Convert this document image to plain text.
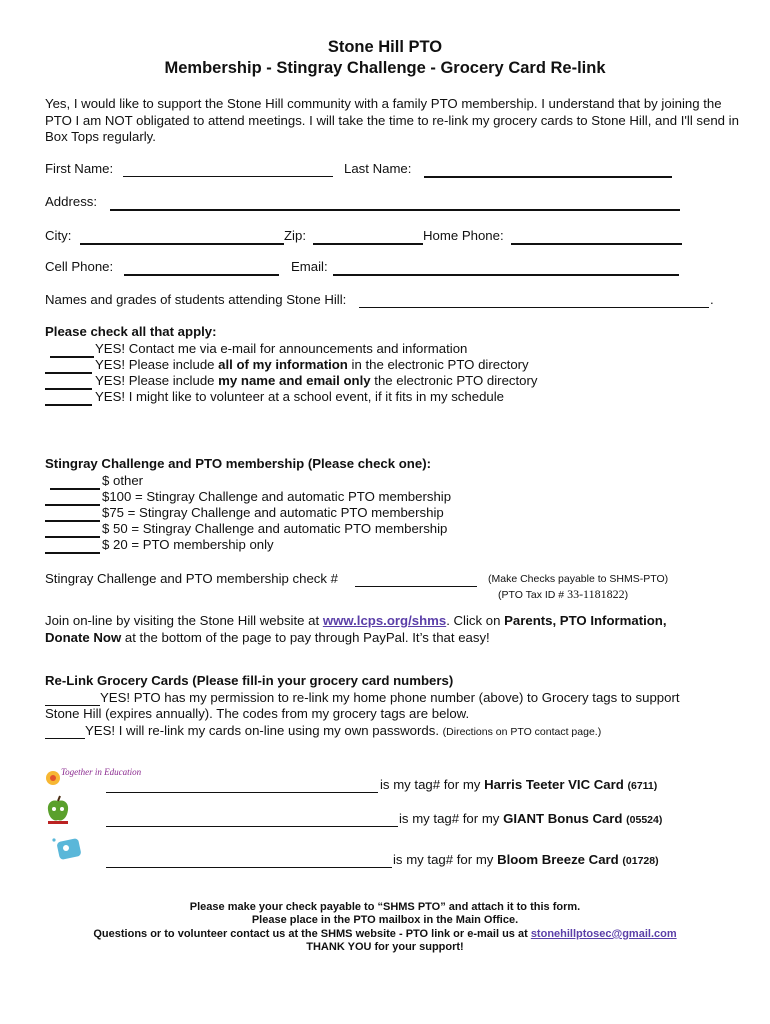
Stone Hill PTO
Membership - Stingray Challenge - Grocery Card Re-link
Yes, I would like to support the Stone Hill community with a family PTO membership. I understand that by joining the PTO I am NOT obligated to attend meetings. I will take the time to re-link my grocery cards to Stone Hill, and I'll send in Box Tops regularly.
First Name:	Last Name:
Address:
City:	Zip:	Home Phone:
Cell Phone:	Email:
Names and grades of students attending Stone Hill:	.
Please check all that apply:
YES! Contact me via e-mail for announcements and information
YES! Please include all of my information in the electronic PTO directory
YES! Please include my name and email only the electronic PTO directory
YES! I might like to volunteer at a school event, if it fits in my schedule
Stingray Challenge and PTO membership (Please check one):
$ other
$100 = Stingray Challenge and automatic PTO membership
$75 = Stingray Challenge and automatic PTO membership
$ 50 = Stingray Challenge and automatic PTO membership
$ 20 = PTO membership only
Stingray Challenge and PTO membership check #	(Make Checks payable to SHMS-PTO)
(PTO Tax ID # 33-1181822)
Join on-line by visiting the Stone Hill website at www.lcps.org/shms. Click on Parents, PTO Information,
Donate Now at the bottom of the page to pay through PayPal. It’s that easy!
Re-Link Grocery Cards (Please fill-in your grocery card numbers)
YES! PTO has my permission to re-link my home phone number (above) to Grocery tags to support
Stone Hill (expires annually). The codes from my grocery tags are below.
YES! I will re-link my cards on-line using my own passwords. (Directions on PTO contact page.)
Together in Education
is my tag# for my Harris Teeter VIC Card (6711)
is my tag# for my GIANT Bonus Card (05524)
is my tag# for my Bloom Breeze Card (01728)
Please make your check payable to “SHMS PTO” and attach it to this form.
Please place in the PTO mailbox in the Main Office.
Questions or to volunteer contact us at the SHMS website - PTO link or e-mail us at stonehillptosec@gmail.com
THANK YOU for your support!
